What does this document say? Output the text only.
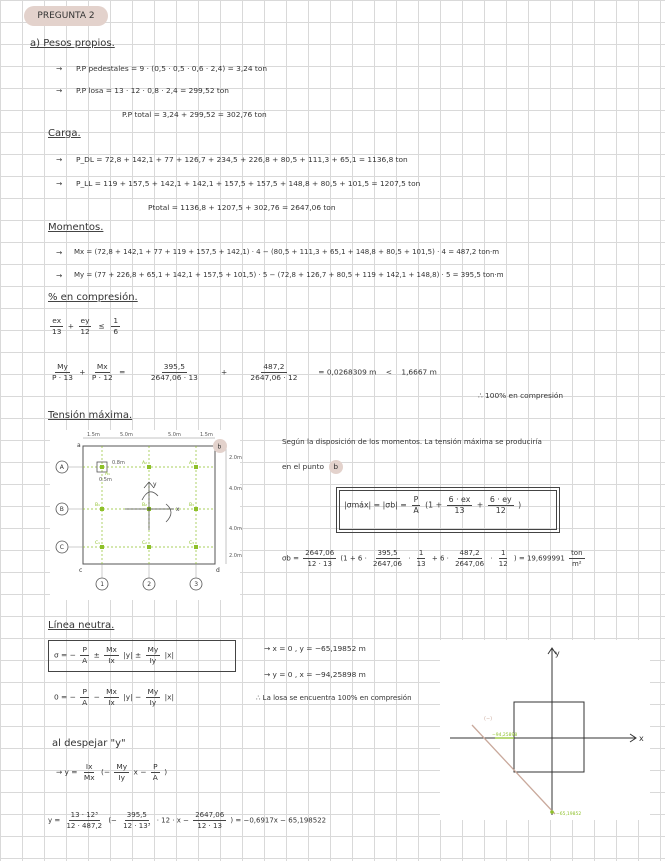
PREGUNTA 2
a) Pesos propios.
→ P.P pedestales = 9 · (0,5 · 0,5 · 0,6 · 2,4) = 3,24 ton
→ P.P losa = 13 · 12 · 0,8 · 2,4 = 299,52 ton
P.P total = 3,24 + 299,52 = 302,76 ton
Carga.
→ P_DL = 72,8 + 142,1 + 77 + 126,7 + 234,5 + 226,8 + 80,5 + 111,3 + 65,1 = 1136,8 ton
→ P_LL = 119 + 157,5 + 142,1 + 142,1 + 157,5 + 157,5 + 148,8 + 80,5 + 101,5 = 1207,5 ton
Ptotal = 1136,8 + 1207,5 + 302,76 = 2647,06 ton
Momentos.
→ Mx = (72,8 + 142,1 + 77 + 119 + 157,5 + 142,1) · 4 − (80,5 + 111,3 + 65,1 + 148,8 + 80,5 + 101,5) · 4 = 487,2 ton·m
→ My = (77 + 226,8 + 65,1 + 142,1 + 157,5 + 101,5) · 5 − (72,8 + 126,7 + 80,5 + 119 + 142,1 + 148,8) · 5 = 395,5 ton·m
% en compresión.
$\frac{ex}{13} + \frac{ey}{12} \le \frac{1}{6}$
$\frac{My}{P \cdot 13} + \frac{Mx}{P \cdot 12} = \frac{395,5}{2647,06 \cdot 13} + \frac{487,2}{2647,06 \cdot 12} = 0,0268309$ m < 1,6667 m
∴ 100% en compresión
Tensión máxima.
1.5m	5.0m	5.0m	1.5m
2.0m
4.0m
4.0m
2.0m
0.8m
0.5m
A
B
C
1	2	3
a	b
c	d
y
x
A₁
A₂	A₃
B₁	B₂	B₃
C₁	C₂	C₃
Según la disposición de los momentos. La tensión máxima se produciría
en el punto b
|σmáx| = $|\sigma b| = \frac{P}{A} (1 + \frac{6 \cdot ex}{13} + \frac{6 \cdot ey}{12}$ )
$\sigma b = \frac{2647,06}{12 \cdot 13} (1 + 6 \cdot \frac{395,5}{2647,06} \cdot \frac{1}{13} + 6 \cdot \frac{487,2}{2647,06} \cdot \frac{1}{12}$ ) = $19,699991 \frac{\text{ton}}{\text{m²}}$
Línea neutra.
σ = − $\frac{P}{A} \pm \frac{Mx}{Ix} |y| \pm \frac{My}{Iy} |x|$
0 = − $\frac{P}{A} - \frac{Mx}{Ix} |y| - \frac{My}{Iy} |x|$
→ x = 0 , y = −65,19852 m
→ y = 0 , x = −94,25898 m
∴ La losa se encuentra 100% en compresión
al despejar "y"
→ $y = \frac{Ix}{Mx}$ (− $\frac{My}{Iy}$ $x - \frac{P}{A}$ )
$y = \frac{\text{13 · 12³}}{12 \cdot 487,2}$ (− $\frac{395,5}{\text{12 · 13³}} \cdot 12 \cdot x - \frac{2647,06}{12 \cdot 13}$ ) = −0,6917x − 65,198522
y
x
(−)
−94,25898
−65,19852
